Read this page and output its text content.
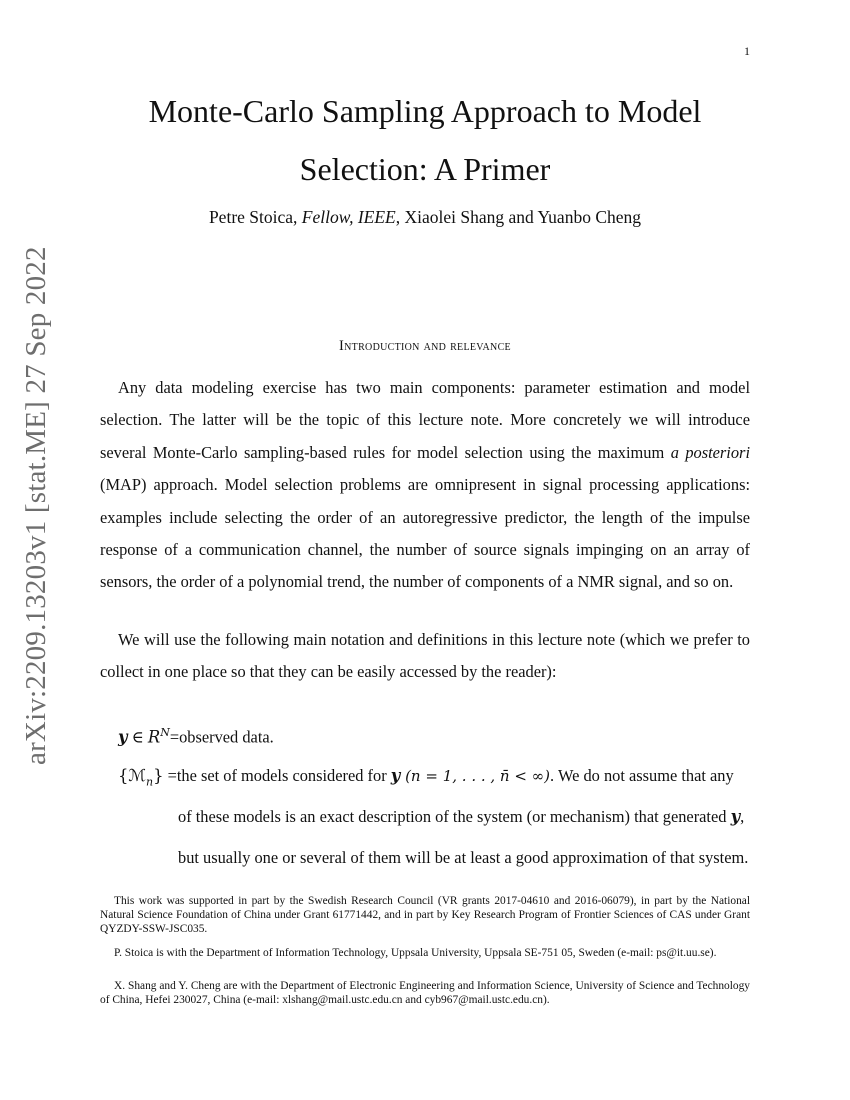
1
arXiv:2209.13203v1 [stat.ME] 27 Sep 2022
Monte-Carlo Sampling Approach to Model
Selection: A Primer
Petre Stoica, Fellow, IEEE, Xiaolei Shang and Yuanbo Cheng
Introduction and relevance

Any data modeling exercise has two main components: parameter estimation and model selection. The latter will be the topic of this lecture note. More concretely we will introduce several Monte-Carlo sampling-based rules for model selection using the maximum a posteriori (MAP) approach. Model selection problems are omnipresent in signal processing applications: examples include selecting the order of an autoregressive predictor, the length of the impulse response of a communication channel, the number of source signals impinging on an array of sensors, the order of a polynomial trend, the number of components of a NMR signal, and so on.

We will use the following main notation and definitions in this lecture note (which we prefer to collect in one place so that they can be easily accessed by the reader):

y ∈ $R^N=observed$ data.
{ℳ$_n$} =the set of models considered for y (n = 1, . . . , n̄ < ∞). We do not assume that any
of these models is an exact description of the system (or mechanism) that generated y,
but usually one or several of them will be at least a good approximation of that system.

This work was supported in part by the Swedish Research Council (VR grants 2017-04610 and 2016-06079), in part by the National Natural Science Foundation of China under Grant 61771442, and in part by Key Research Program of Frontier Sciences of CAS under Grant QYZDY-SSW-JSC035.

P. Stoica is with the Department of Information Technology, Uppsala University, Uppsala SE-751 05, Sweden (e-mail: ps@it.uu.se).

X. Shang and Y. Cheng are with the Department of Electronic Engineering and Information Science, University of Science and Technology of China, Hefei 230027, China (e-mail: xlshang@mail.ustc.edu.cn and cyb967@mail.ustc.edu.cn).
